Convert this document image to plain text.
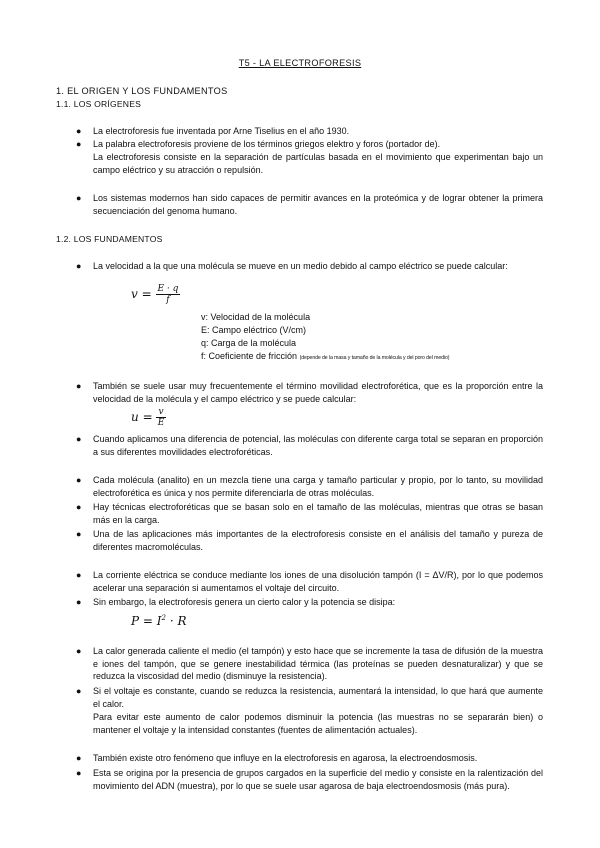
T5 - LA ELECTROFORESIS
1. EL ORIGEN Y LOS FUNDAMENTOS
1.1. LOS ORÍGENES
● La electroforesis fue inventada por Arne Tiselius en el año 1930.
● La palabra electroforesis proviene de los términos griegos elektro y foros (portador de).
La electroforesis consiste en la separación de partículas basada en el movimiento que experimentan bajo un campo eléctrico y su atracción o repulsión.
● Los sistemas modernos han sido capaces de permitir avances en la proteómica y de lograr obtener la primera secuenciación del genoma humano.
1.2. LOS FUNDAMENTOS
● La velocidad a la que una molécula se mueve en un medio debido al campo eléctrico se puede calcular:
$v = \frac{E \cdot q}{f}$
v: Velocidad de la molécula
E: Campo eléctrico (V/cm)
q: Carga de la molécula
f: Coeficiente de fricción (depende de la masa y tamaño de la molécula y del poro del medio)
● También se suele usar muy frecuentemente el término movilidad electroforética, que es la proporción entre la velocidad de la molécula y el campo eléctrico y se puede calcular:
$u = \frac{v}{E}$
● Cuando aplicamos una diferencia de potencial, las moléculas con diferente carga total se separan en proporción a sus diferentes movilidades electroforéticas.
● Cada molécula (analito) en un mezcla tiene una carga y tamaño particular y propio, por lo tanto, su movilidad electroforética es única y nos permite diferenciarla de otras moléculas.
● Hay técnicas electroforéticas que se basan solo en el tamaño de las moléculas, mientras que otras se basan más en la carga.
● Una de las aplicaciones más importantes de la electroforesis consiste en el análisis del tamaño y pureza de diferentes macromoléculas.
● La corriente eléctrica se conduce mediante los iones de una disolución tampón (I = ΔV/R), por lo que podemos acelerar una separación si aumentamos el voltaje del circuito.
● Sin embargo, la electroforesis genera un cierto calor y la potencia se disipa:
$P = I^2 \cdot R$
● La calor generada caliente el medio (el tampón) y esto hace que se incremente la tasa de difusión de la muestra e iones del tampón, que se genere inestabilidad térmica (las proteínas se pueden desnaturalizar) y que se reduzca la viscosidad del medio (disminuye la resistencia).
● Si el voltaje es constante, cuando se reduzca la resistencia, aumentará la intensidad, lo que hará que aumente el calor.
Para evitar este aumento de calor podemos disminuir la potencia (las muestras no se separarán bien) o mantener el voltaje y la intensidad constantes (fuentes de alimentación actuales).
● También existe otro fenómeno que influye en la electroforesis en agarosa, la electroendosmosis.
● Esta se origina por la presencia de grupos cargados en la superficie del medio y consiste en la ralentización del movimiento del ADN (muestra), por lo que se suele usar agarosa de baja electroendosmosis (más pura).
